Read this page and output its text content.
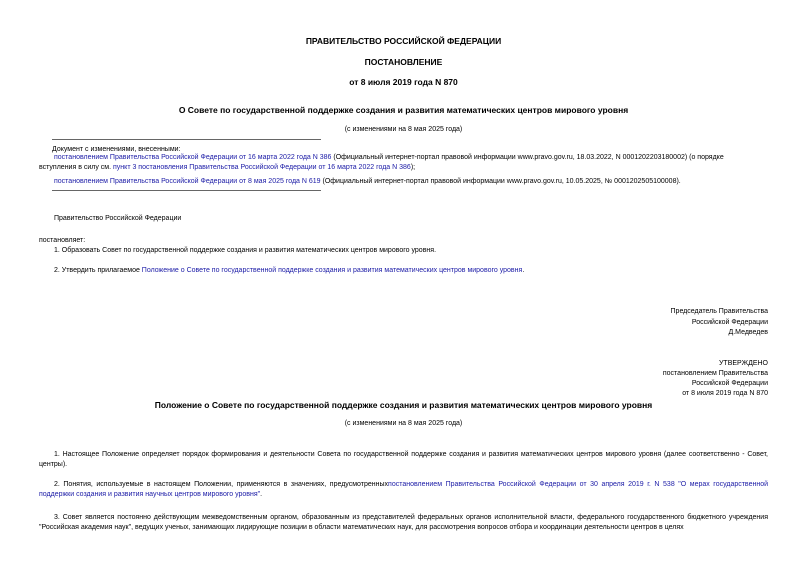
ПРАВИТЕЛЬСТВО РОССИЙСКОЙ ФЕДЕРАЦИИ
ПОСТАНОВЛЕНИЕ
от 8 июля 2019 года N 870
О Совете по государственной поддержке создания и развития математических центров мирового уровня
(с изменениями на 8 мая 2025 года)
Документ с изменениями, внесенными:
постановлением Правительства Российской Федерации от 16 марта 2022 года N 386 (Официальный интернет-портал правовой информации www.pravo.gov.ru, 18.03.2022, N 0001202203180002) (о порядке
вступления в силу см. пункт 3 постановления Правительства Российской Федерации от 16 марта 2022 года N 386);
постановлением Правительства Российской Федерации от 8 мая 2025 года N 619 (Официальный интернет-портал правовой информации www.pravo.gov.ru, 10.05.2025, № 0001202505100008).
Правительство Российской Федерации
постановляет:
1. Образовать Совет по государственной поддержке создания и развития математических центров мирового уровня.
2. Утвердить прилагаемое Положение о Совете по государственной поддержке создания и развития математических центров мирового уровня.
Председатель Правительства
Российской Федерации
Д.Медведев
УТВЕРЖДЕНО
постановлением Правительства
Российской Федерации
от 8 июля 2019 года N 870
Положение о Совете по государственной поддержке создания и развития математических центров мирового уровня
(с изменениями на 8 мая 2025 года)
1. Настоящее Положение определяет порядок формирования и деятельности Совета по государственной поддержке создания и развития математических центров мирового уровня (далее соответственно - Совет, центры).
2. Понятия, используемые в настоящем Положении, применяются в значениях, предусмотренныхпостановлением Правительства Российской Федерации от 30 апреля 2019 г. N 538 "О мерах государственной поддержки создания и развития научных центров мирового уровня".
3. Совет является постоянно действующим межведомственным органом, образованным из представителей федеральных органов исполнительной власти, федерального государственного бюджетного учреждения "Российская академия наук", ведущих ученых, занимающих лидирующие позиции в области математических наук, для рассмотрения вопросов отбора и координации деятельности центров в целях
